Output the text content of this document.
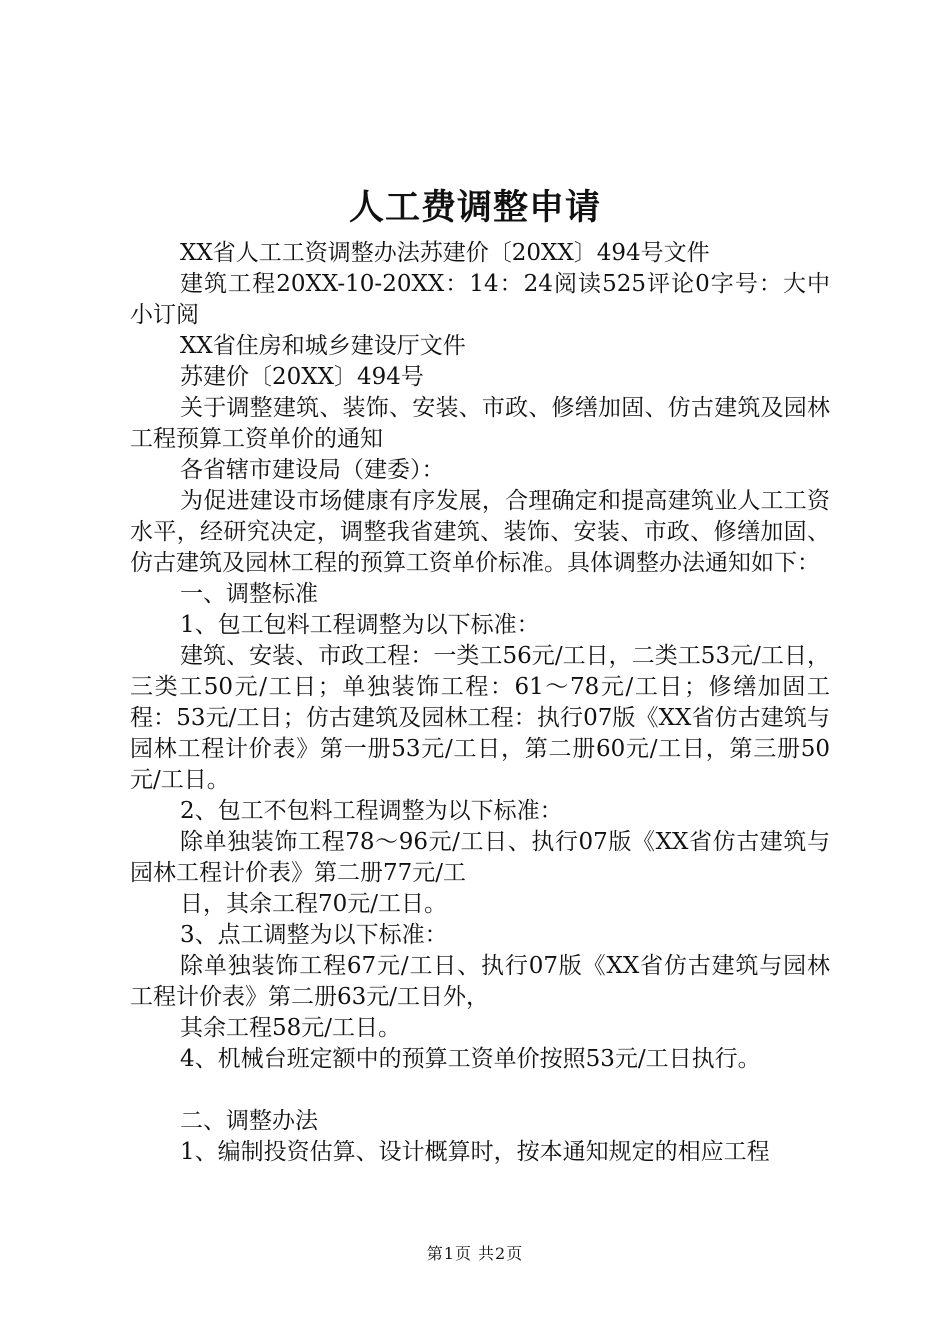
人工费调整申请

XX省人工工资调整办法苏建价〔20XX〕494号文件

建筑工程20XX-10-20XX：14：24阅读525评论0字号：大中小订阅

XX省住房和城乡建设厅文件

苏建价〔20XX〕494号

关于调整建筑、装饰、安装、市政、修缮加固、仿古建筑及园林工程预算工资单价的通知

各省辖市建设局（建委）：

为促进建设市场健康有序发展，合理确定和提高建筑业人工工资水平，经研究决定，调整我省建筑、装饰、安装、市政、修缮加固、仿古建筑及园林工程的预算工资单价标准。具体调整办法通知如下：

一、调整标准

1、包工包料工程调整为以下标准：

建筑、安装、市政工程：一类工56元/工日，二类工53元/工日，三类工50元/工日；单独装饰工程：61～78元/工日；修缮加固工程：53元/工日；仿古建筑及园林工程：执行07版《XX省仿古建筑与园林工程计价表》第一册53元/工日，第二册60元/工日，第三册50元/工日。

2、包工不包料工程调整为以下标准：

除单独装饰工程78～96元/工日、执行07版《XX省仿古建筑与园林工程计价表》第二册77元/工

日，其余工程70元/工日。

3、点工调整为以下标准：

除单独装饰工程67元/工日、执行07版《XX省仿古建筑与园林工程计价表》第二册63元/工日外，

其余工程58元/工日。

4、机械台班定额中的预算工资单价按照53元/工日执行。

二、调整办法

1、编制投资估算、设计概算时，按本通知规定的相应工程

第1页 共2页
